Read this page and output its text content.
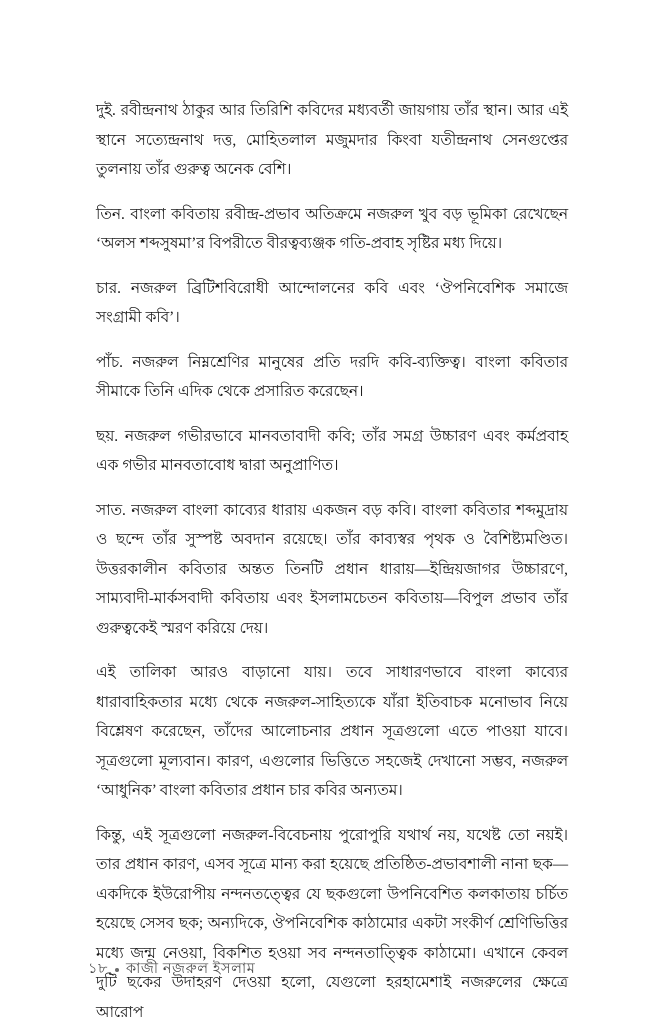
দুই. রবীন্দ্রনাথ ঠাকুর আর তিরিশি কবিদের মধ্যবর্তী জায়গায় তাঁর স্থান। আর এই স্থানে সত্যেন্দ্রনাথ দত্ত, মোহিতলাল মজুমদার কিংবা যতীন্দ্রনাথ সেনগুপ্তের তুলনায় তাঁর গুরুত্ব অনেক বেশি।

তিন. বাংলা কবিতায় রবীন্দ্র-প্রভাব অতিক্রমে নজরুল খুব বড় ভূমিকা রেখেছেন ‘অলস শব্দসুষমা’র বিপরীতে বীরত্বব্যঞ্জক গতি-প্রবাহ সৃষ্টির মধ্য দিয়ে।

চার. নজরুল ব্রিটিশবিরোধী আন্দোলনের কবি এবং ‘ঔপনিবেশিক সমাজে সংগ্রামী কবি’।

পাঁচ. নজরুল নিম্নশ্রেণির মানুষের প্রতি দরদি কবি-ব্যক্তিত্ব। বাংলা কবিতার সীমাকে তিনি এদিক থেকে প্রসারিত করেছেন।

ছয়. নজরুল গভীরভাবে মানবতাবাদী কবি; তাঁর সমগ্র উচ্চারণ এবং কর্মপ্রবাহ এক গভীর মানবতাবোধ দ্বারা অনুপ্রাণিত।

সাত. নজরুল বাংলা কাব্যের ধারায় একজন বড় কবি। বাংলা কবিতার শব্দমুদ্রায় ও ছন্দে তাঁর সুস্পষ্ট অবদান রয়েছে। তাঁর কাব্যস্বর পৃথক ও বৈশিষ্ট্যমণ্ডিত। উত্তরকালীন কবিতার অন্তত তিনটি প্রধান ধারায়—ইন্দ্রিয়জাগর উচ্চারণে, সাম্যবাদী-মার্কসবাদী কবিতায় এবং ইসলামচেতন কবিতায়—বিপুল প্রভাব তাঁর গুরুত্বকেই স্মরণ করিয়ে দেয়।

এই তালিকা আরও বাড়ানো যায়। তবে সাধারণভাবে বাংলা কাব্যের ধারাবাহিকতার মধ্যে থেকে নজরুল-সাহিত্যকে যাঁরা ইতিবাচক মনোভাব নিয়ে বিশ্লেষণ করেছেন, তাঁদের আলোচনার প্রধান সূত্রগুলো এতে পাওয়া যাবে। সূত্রগুলো মূল্যবান। কারণ, এগুলোর ভিত্তিতে সহজেই দেখানো সম্ভব, নজরুল ‘আধুনিক’ বাংলা কবিতার প্রধান চার কবির অন্যতম।

কিন্তু, এই সূত্রগুলো নজরুল-বিবেচনায় পুরোপুরি যথার্থ নয়, যথেষ্ট তো নয়ই। তার প্রধান কারণ, এসব সূত্রে মান্য করা হয়েছে প্রতিষ্ঠিত-প্রভাবশালী নানা ছক—একদিকে ইউরোপীয় নন্দনতত্ত্বের যে ছকগুলো উপনিবেশিত কলকাতায় চর্চিত হয়েছে সেসব ছক; অন্যদিকে, ঔপনিবেশিক কাঠামোর একটা সংকীর্ণ শ্রেণিভিত্তির মধ্যে জন্ম নেওয়া, বিকশিত হওয়া সব নন্দনতাত্ত্বিক কাঠামো। এখানে কেবল দুটি ছকের উদাহরণ দেওয়া হলো, যেগুলো হরহামেশাই নজরুলের ক্ষেত্রে আরোপ

১৮ কাজী নজরুল ইসলাম
